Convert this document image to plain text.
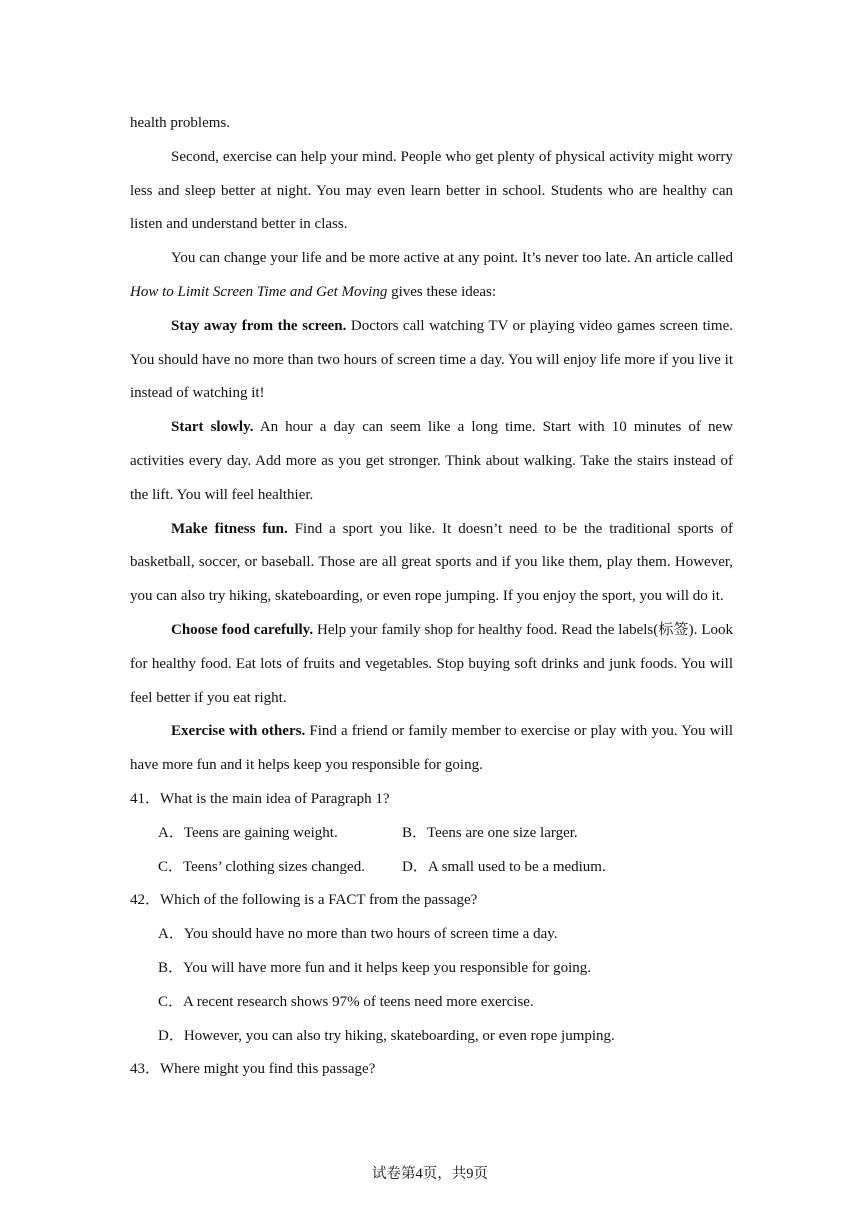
health problems.

Second, exercise can help your mind. People who get plenty of physical activity might worry less and sleep better at night. You may even learn better in school. Students who are healthy can listen and understand better in class.

You can change your life and be more active at any point. It’s never too late. An article called How to Limit Screen Time and Get Moving gives these ideas:

Stay away from the screen. Doctors call watching TV or playing video games screen time. You should have no more than two hours of screen time a day. You will enjoy life more if you live it instead of watching it!

Start slowly. An hour a day can seem like a long time. Start with 10 minutes of new activities every day. Add more as you get stronger. Think about walking. Take the stairs instead of the lift. You will feel healthier.

Make fitness fun. Find a sport you like. It doesn’t need to be the traditional sports of basketball, soccer, or baseball. Those are all great sports and if you like them, play them. However, you can also try hiking, skateboarding, or even rope jumping. If you enjoy the sport, you will do it.

Choose food carefully. Help your family shop for healthy food. Read the labels(标签). Look for healthy food. Eat lots of fruits and vegetables. Stop buying soft drinks and junk foods. You will feel better if you eat right.

Exercise with others. Find a friend or family member to exercise or play with you. You will have more fun and it helps keep you responsible for going.

41．What is the main idea of Paragraph 1?

A．Teens are gaining weight.	B．Teens are one size larger.
C．Teens’ clothing sizes changed.	D．A small used to be a medium.

42．Which of the following is a FACT from the passage?

A．You should have no more than two hours of screen time a day.

B．You will have more fun and it helps keep you responsible for going.

C．A recent research shows 97% of teens need more exercise.

D．However, you can also try hiking, skateboarding, or even rope jumping.

43．Where might you find this passage?

试卷第4页，共9页
